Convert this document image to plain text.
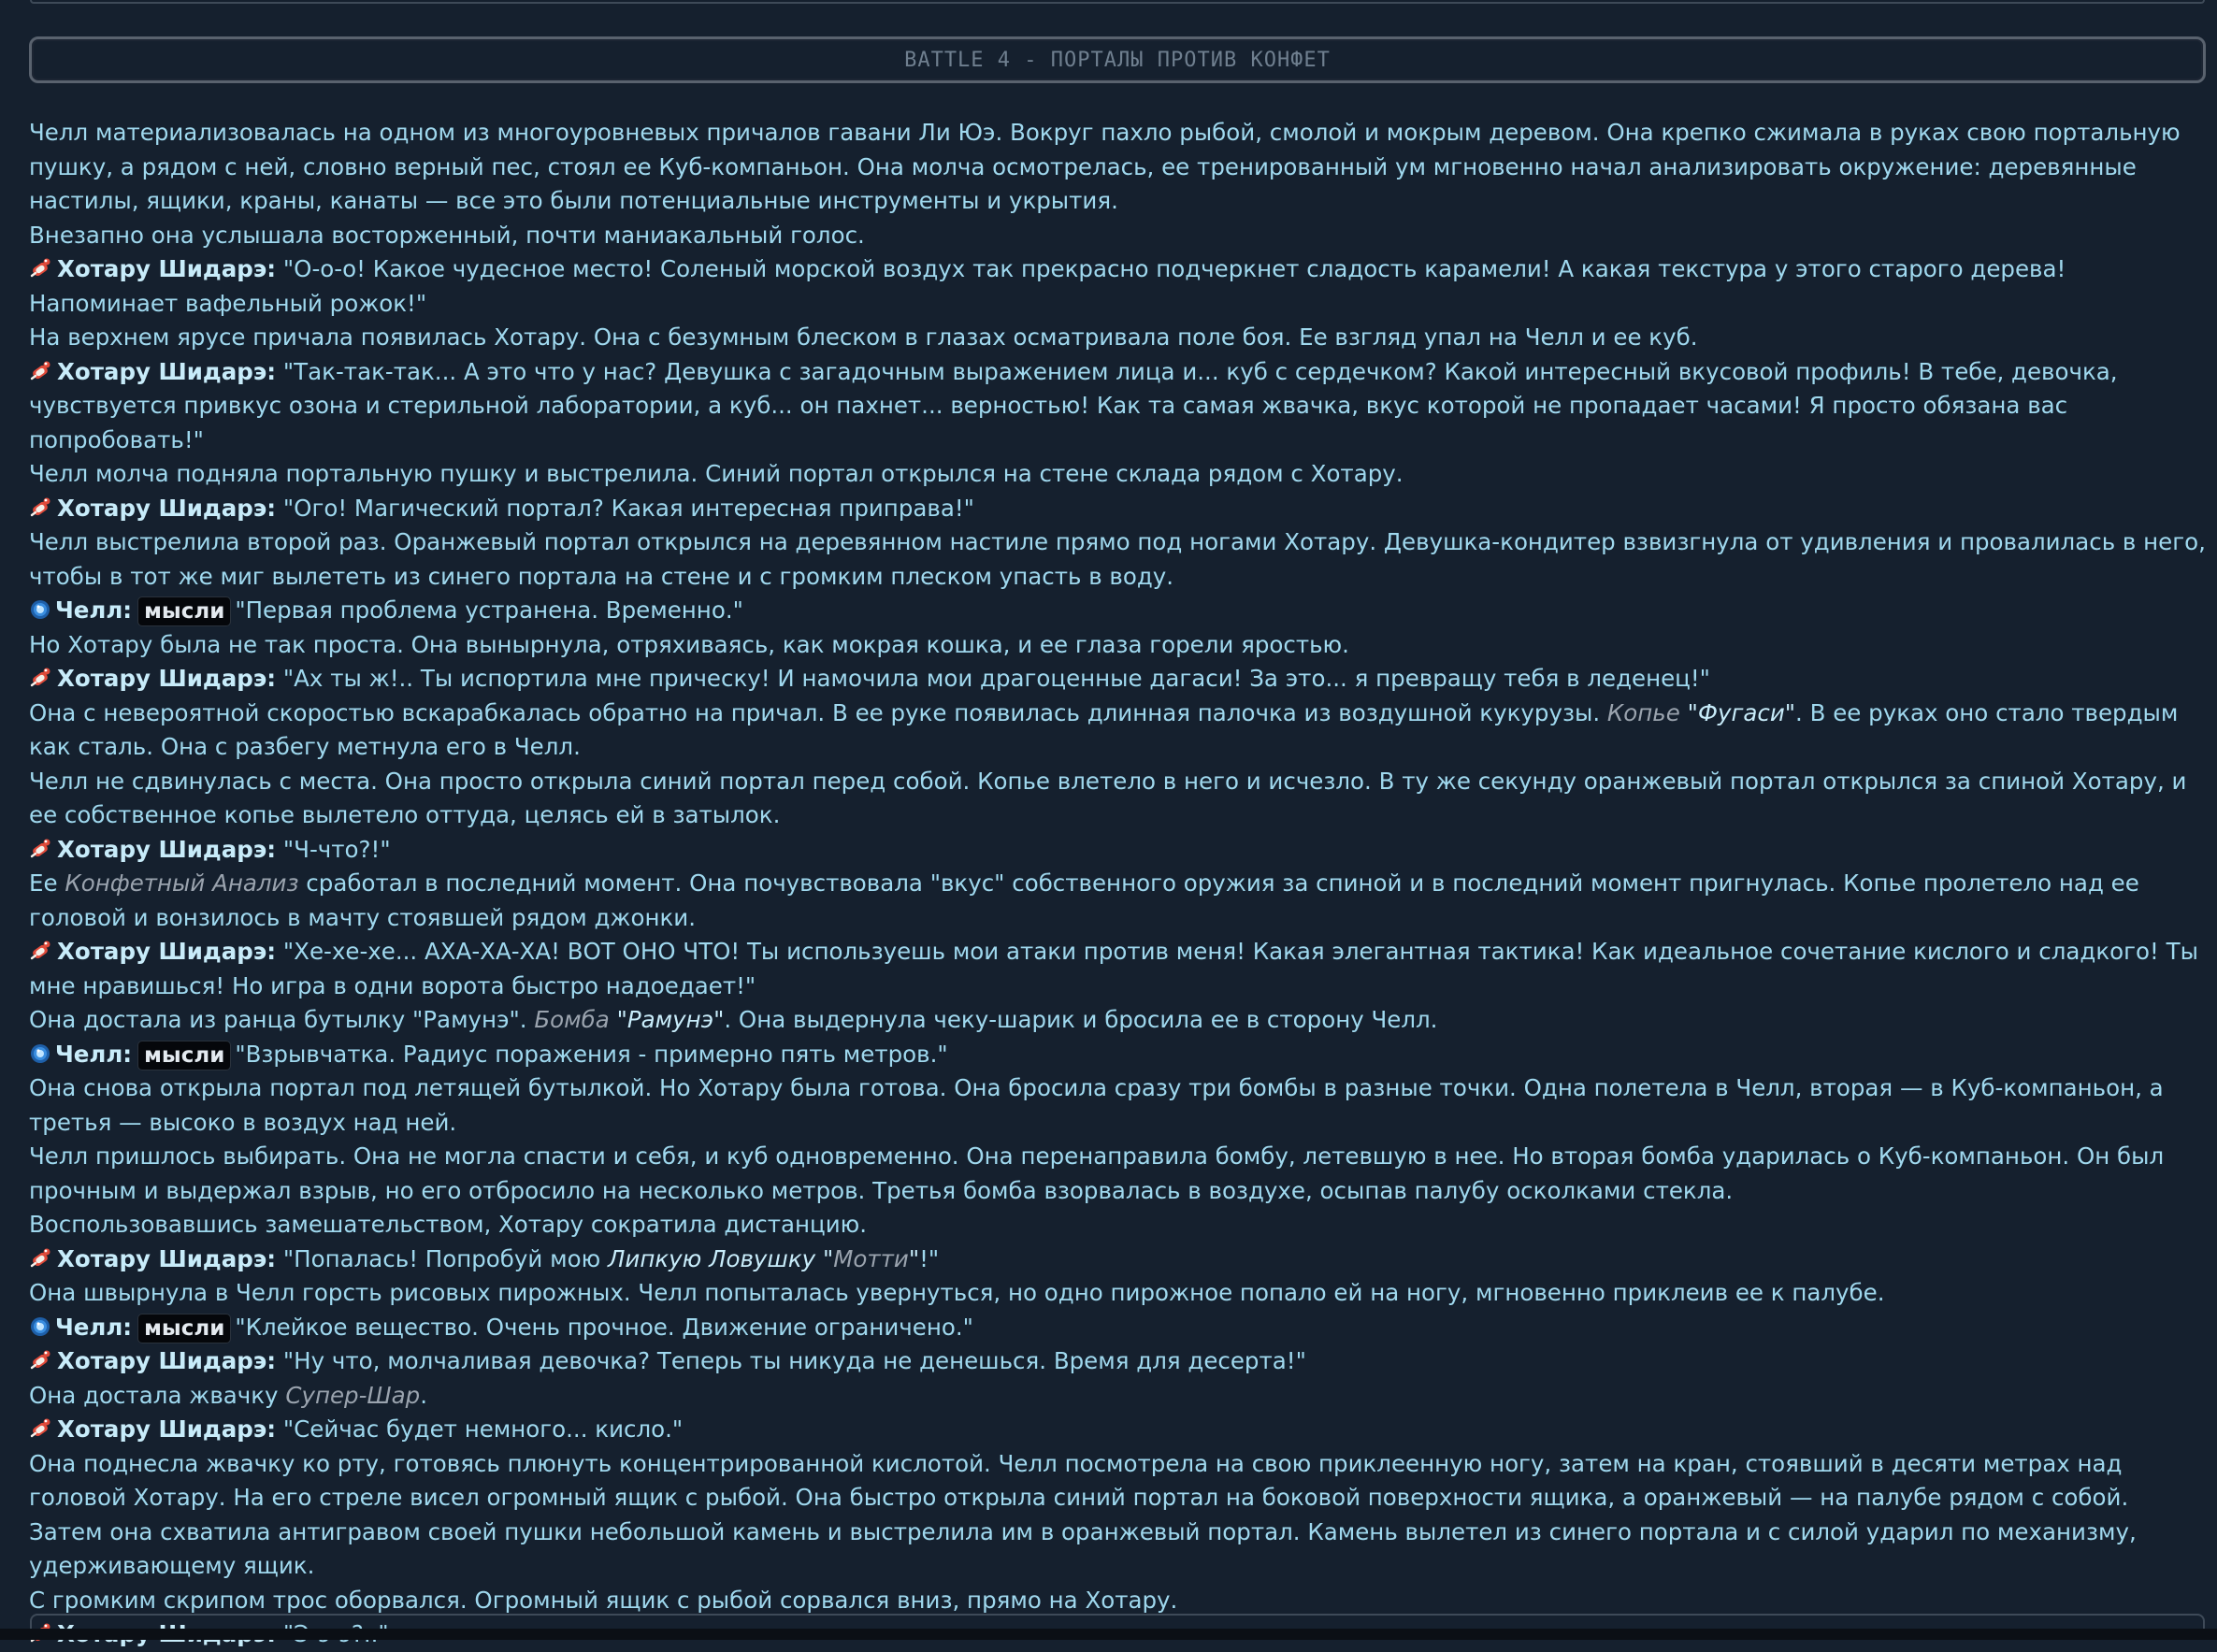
BATTLE 4 - ПОРТАЛЫ ПРОТИВ КОНФЕТ
Челл материализовалась на одном из многоуровневых причалов гавани Ли Юэ. Вокруг пахло рыбой, смолой и мокрым деревом. Она крепко сжимала в руках свою портальную пушку, а рядом с ней, словно верный пес, стоял ее Куб-компаньон. Она молча осмотрелась, ее тренированный ум мгновенно начал анализировать окружение: деревянные настилы, ящики, краны, канаты — все это были потенциальные инструменты и укрытия.
Внезапно она услышала восторженный, почти маниакальный голос.
Хотару Шидарэ: "О-о-о! Какое чудесное место! Соленый морской воздух так прекрасно подчеркнет сладость карамели! А какая текстура у этого старого дерева! Напоминает вафельный рожок!"
На верхнем ярусе причала появилась Хотару. Она с безумным блеском в глазах осматривала поле боя. Ее взгляд упал на Челл и ее куб.
Хотару Шидарэ: "Так-так-так... А это что у нас? Девушка с загадочным выражением лица и... куб с сердечком? Какой интересный вкусовой профиль! В тебе, девочка, чувствуется привкус озона и стерильной лаборатории, а куб... он пахнет... верностью! Как та самая жвачка, вкус которой не пропадает часами! Я просто обязана вас попробовать!"
Челл молча подняла портальную пушку и выстрелила. Синий портал открылся на стене склада рядом с Хотару.
Хотару Шидарэ: "Ого! Магический портал? Какая интересная приправа!"
Челл выстрелила второй раз. Оранжевый портал открылся на деревянном настиле прямо под ногами Хотару. Девушка-кондитер взвизгнула от удивления и провалилась в него, чтобы в тот же миг вылететь из синего портала на стене и с громким плеском упасть в воду.
Челл: мысли "Первая проблема устранена. Временно."
Но Хотару была не так проста. Она вынырнула, отряхиваясь, как мокрая кошка, и ее глаза горели яростью.
Хотару Шидарэ: "Ах ты ж!.. Ты испортила мне прическу! И намочила мои драгоценные дагаси! За это... я превращу тебя в леденец!"
Она с невероятной скоростью вскарабкалась обратно на причал. В ее руке появилась длинная палочка из воздушной кукурузы. Копье "Фугаси". В ее руках оно стало твердым как сталь. Она с разбегу метнула его в Челл.
Челл не сдвинулась с места. Она просто открыла синий портал перед собой. Копье влетело в него и исчезло. В ту же секунду оранжевый портал открылся за спиной Хотару, и ее собственное копье вылетело оттуда, целясь ей в затылок.
Хотару Шидарэ: "Ч-что?!"
Ее Конфетный Анализ сработал в последний момент. Она почувствовала "вкус" собственного оружия за спиной и в последний момент пригнулась. Копье пролетело над ее головой и вонзилось в мачту стоявшей рядом джонки.
Хотару Шидарэ: "Хе-хе-хе... АХА-ХА-ХА! ВОТ ОНО ЧТО! Ты используешь мои атаки против меня! Какая элегантная тактика! Как идеальное сочетание кислого и сладкого! Ты мне нравишься! Но игра в одни ворота быстро надоедает!"
Она достала из ранца бутылку "Рамунэ". Бомба "Рамунэ". Она выдернула чеку-шарик и бросила ее в сторону Челл.
Челл: мысли "Взрывчатка. Радиус поражения - примерно пять метров."
Она снова открыла портал под летящей бутылкой. Но Хотару была готова. Она бросила сразу три бомбы в разные точки. Одна полетела в Челл, вторая — в Куб-компаньон, а третья — высоко в воздух над ней.
Челл пришлось выбирать. Она не могла спасти и себя, и куб одновременно. Она перенаправила бомбу, летевшую в нее. Но вторая бомба ударилась о Куб-компаньон. Он был прочным и выдержал взрыв, но его отбросило на несколько метров. Третья бомба взорвалась в воздухе, осыпав палубу осколками стекла.
Воспользовавшись замешательством, Хотару сократила дистанцию.
Хотару Шидарэ: "Попалась! Попробуй мою Липкую Ловушку "Мотти"!"
Она швырнула в Челл горсть рисовых пирожных. Челл попыталась увернуться, но одно пирожное попало ей на ногу, мгновенно приклеив ее к палубе.
Челл: мысли "Клейкое вещество. Очень прочное. Движение ограничено."
Хотару Шидарэ: "Ну что, молчаливая девочка? Теперь ты никуда не денешься. Время для десерта!"
Она достала жвачку Супер-Шар.
Хотару Шидарэ: "Сейчас будет немного... кисло."
Она поднесла жвачку ко рту, готовясь плюнуть концентрированной кислотой. Челл посмотрела на свою приклеенную ногу, затем на кран, стоявший в десяти метрах над головой Хотару. На его стреле висел огромный ящик с рыбой. Она быстро открыла синий портал на боковой поверхности ящика, а оранжевый — на палубе рядом с собой. Затем она схватила антигравом своей пушки небольшой камень и выстрелила им в оранжевый портал. Камень вылетел из синего портала и с силой ударил по механизму, удерживающему ящик.
С громким скрипом трос оборвался. Огромный ящик с рыбой сорвался вниз, прямо на Хотару.
